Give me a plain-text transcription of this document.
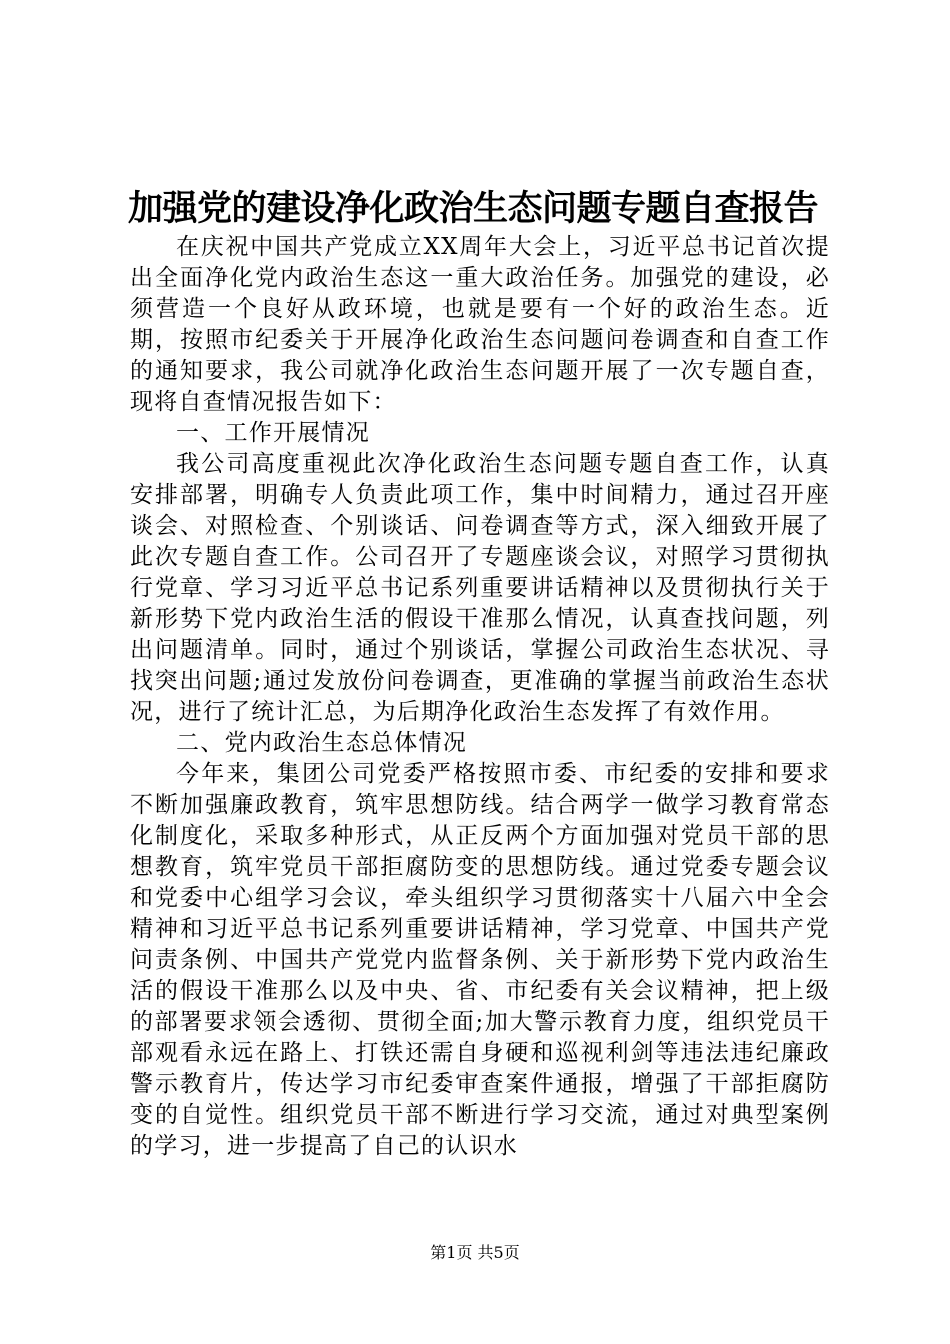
加强党的建设净化政治生态问题专题自查报告

在庆祝中国共产党成立XX周年大会上，习近平总书记首次提出全面净化党内政治生态这一重大政治任务。加强党的建设，必须营造一个良好从政环境，也就是要有一个好的政治生态。近期，按照市纪委关于开展净化政治生态问题问卷调查和自查工作的通知要求，我公司就净化政治生态问题开展了一次专题自查，现将自查情况报告如下：

一、工作开展情况

我公司高度重视此次净化政治生态问题专题自查工作，认真安排部署，明确专人负责此项工作，集中时间精力，通过召开座谈会、对照检查、个别谈话、问卷调查等方式，深入细致开展了此次专题自查工作。公司召开了专题座谈会议，对照学习贯彻执行党章、学习习近平总书记系列重要讲话精神以及贯彻执行关于新形势下党内政治生活的假设干准那么情况，认真查找问题，列出问题清单。同时，通过个别谈话，掌握公司政治生态状况、寻找突出问题;通过发放份问卷调查，更准确的掌握当前政治生态状况，进行了统计汇总，为后期净化政治生态发挥了有效作用。

二、党内政治生态总体情况

今年来，集团公司党委严格按照市委、市纪委的安排和要求不断加强廉政教育，筑牢思想防线。结合两学一做学习教育常态化制度化，采取多种形式，从正反两个方面加强对党员干部的思想教育，筑牢党员干部拒腐防变的思想防线。通过党委专题会议和党委中心组学习会议，牵头组织学习贯彻落实十八届六中全会精神和习近平总书记系列重要讲话精神，学习党章、中国共产党问责条例、中国共产党党内监督条例、关于新形势下党内政治生活的假设干准那么以及中央、省、市纪委有关会议精神，把上级的部署要求领会透彻、贯彻全面;加大警示教育力度，组织党员干部观看永远在路上、打铁还需自身硬和巡视利剑等违法违纪廉政警示教育片，传达学习市纪委审查案件通报，增强了干部拒腐防变的自觉性。组织党员干部不断进行学习交流，通过对典型案例的学习，进一步提高了自己的认识水

第1页 共5页
